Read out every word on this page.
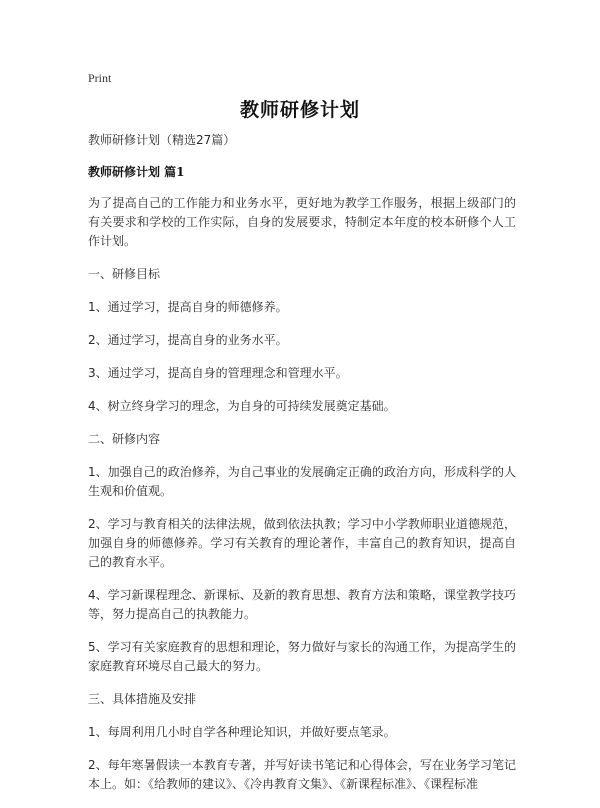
Print
教师研修计划

教师研修计划（精选27篇）

教师研修计划 篇1

为了提高自己的工作能力和业务水平，更好地为教学工作服务，根据上级部门的有关要求和学校的工作实际，自身的发展要求，特制定本年度的校本研修个人工作计划。

一、研修目标

1、通过学习，提高自身的师德修养。

2、通过学习，提高自身的业务水平。

3、通过学习，提高自身的管理理念和管理水平。

4、树立终身学习的理念，为自身的可持续发展奠定基础。

二、研修内容

1、加强自己的政治修养，为自己事业的发展确定正确的政治方向，形成科学的人生观和价值观。

2、学习与教育相关的法律法规，做到依法执教；学习中小学教师职业道德规范，加强自身的师德修养。学习有关教育的理论著作，丰富自己的教育知识，提高自己的教育水平。

4、学习新课程理念、新课标、及新的教育思想、教育方法和策略，课堂教学技巧等，努力提高自己的执教能力。

5、学习有关家庭教育的思想和理论，努力做好与家长的沟通工作，为提高学生的家庭教育环境尽自己最大的努力。

三、具体措施及安排

1、每周利用几小时自学各种理论知识，并做好要点笔录。

2、每年寒暑假读一本教育专著，并写好读书笔记和心得体会，写在业务学习笔记本上。如：《给教师的建议》、《冷冉教育文集》、《新课程标准》、《课程标准
